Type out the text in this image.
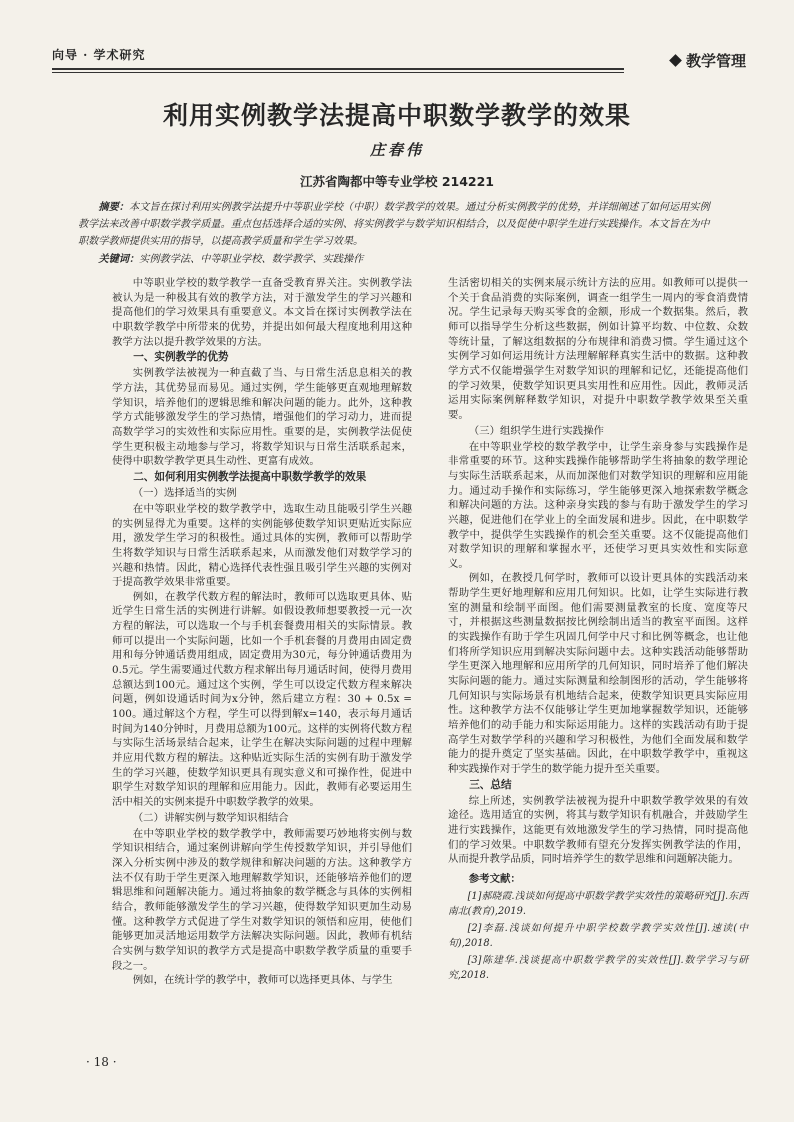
向导 · 学术研究	教学管理
利用实例教学法提高中职数学教学的效果
庄春伟
江苏省陶都中等专业学校 214221
摘要：本文旨在探讨利用实例教学法提升中等职业学校（中职）数学教学的效果。通过分析实例教学的优势，并详细阐述了如何运用实例教学法来改善中职数学教学质量。重点包括选择合适的实例、将实例教学与数学知识相结合，以及促使中职学生进行实践操作。本文旨在为中职数学教师提供实用的指导，以提高教学质量和学生学习效果。
关键词：实例教学法、中等职业学校、数学教学、实践操作

中等职业学校的数学教学一直备受教育界关注。实例教学法被认为是一种极其有效的教学方法，对于激发学生的学习兴趣和提高他们的学习效果具有重要意义。本文旨在探讨实例教学法在中职数学教学中所带来的优势，并提出如何最大程度地利用这种教学方法以提升教学效果的方法。

一、实例教学的优势

实例教学法被视为一种直截了当、与日常生活息息相关的教学方法，其优势显而易见。通过实例，学生能够更直观地理解数学知识，培养他们的逻辑思维和解决问题的能力。此外，这种教学方式能够激发学生的学习热情，增强他们的学习动力，进而提高数学学习的实效性和实际应用性。重要的是，实例教学法促使学生更积极主动地参与学习，将数学知识与日常生活联系起来，使得中职数学教学更具生动性、更富有成效。

二、如何利用实例教学法提高中职数学教学的效果
（一）选择适当的实例

在中等职业学校的数学教学中，选取生动且能吸引学生兴趣的实例显得尤为重要。这样的实例能够使数学知识更贴近实际应用，激发学生学习的积极性。通过具体的实例，教师可以帮助学生将数学知识与日常生活联系起来，从而激发他们对数学学习的兴趣和热情。因此，精心选择代表性强且吸引学生兴趣的实例对于提高教学效果非常重要。

例如，在教学代数方程的解法时，教师可以选取更具体、贴近学生日常生活的实例进行讲解。如假设教师想要教授一元一次方程的解法，可以选取一个与手机套餐费用相关的实际情景。教师可以提出一个实际问题，比如一个手机套餐的月费用由固定费用和每分钟通话费用组成，固定费用为30元，每分钟通话费用为0.5元。学生需要通过代数方程求解出每月通话时间，使得月费用总额达到100元。通过这个实例，学生可以设定代数方程来解决问题，例如设通话时间为x分钟，然后建立方程：30 + 0.5x = 100。通过解这个方程，学生可以得到解x=140，表示每月通话时间为140分钟时，月费用总额为100元。这样的实例将代数方程与实际生活场景结合起来，让学生在解决实际问题的过程中理解并应用代数方程的解法。这种贴近实际生活的实例有助于激发学生的学习兴趣，使数学知识更具有现实意义和可操作性，促进中职学生对数学知识的理解和应用能力。因此，教师有必要运用生活中相关的实例来提升中职数学教学的效果。

（二）讲解实例与数学知识相结合

在中等职业学校的数学教学中，教师需要巧妙地将实例与数学知识相结合，通过案例讲解向学生传授数学知识，并引导他们深入分析实例中涉及的数学规律和解决问题的方法。这种教学方法不仅有助于学生更深入地理解数学知识，还能够培养他们的逻辑思维和问题解决能力。通过将抽象的数学概念与具体的实例相结合，教师能够激发学生的学习兴趣，使得数学知识更加生动易懂。这种教学方式促进了学生对数学知识的领悟和应用，使他们能够更加灵活地运用数学方法解决实际问题。因此，教师有机结合实例与数学知识的教学方式是提高中职数学教学质量的重要手段之一。

例如，在统计学的教学中，教师可以选择更具体、与学生

生活密切相关的实例来展示统计方法的应用。如教师可以提供一个关于食品消费的实际案例，调查一组学生一周内的零食消费情况。学生记录每天购买零食的金额，形成一个数据集。然后，教师可以指导学生分析这些数据，例如计算平均数、中位数、众数等统计量，了解这组数据的分布规律和消费习惯。学生通过这个实例学习如何运用统计方法理解解释真实生活中的数据。这种教学方式不仅能增强学生对数学知识的理解和记忆，还能提高他们的学习效果，使数学知识更具实用性和应用性。因此，教师灵活运用实际案例解释数学知识，对提升中职数学教学效果至关重要。

（三）组织学生进行实践操作

在中等职业学校的数学教学中，让学生亲身参与实践操作是非常重要的环节。这种实践操作能够帮助学生将抽象的数学理论与实际生活联系起来，从而加深他们对数学知识的理解和应用能力。通过动手操作和实际练习，学生能够更深入地探索数学概念和解决问题的方法。这种亲身实践的参与有助于激发学生的学习兴趣，促进他们在学业上的全面发展和进步。因此，在中职数学教学中，提供学生实践操作的机会至关重要。这不仅能提高他们对数学知识的理解和掌握水平，还使学习更具实效性和实际意义。

例如，在教授几何学时，教师可以设计更具体的实践活动来帮助学生更好地理解和应用几何知识。比如，让学生实际进行教室的测量和绘制平面图。他们需要测量教室的长度、宽度等尺寸，并根据这些测量数据按比例绘制出适当的教室平面图。这样的实践操作有助于学生巩固几何学中尺寸和比例等概念，也让他们将所学知识应用到解决实际问题中去。这种实践活动能够帮助学生更深入地理解和应用所学的几何知识，同时培养了他们解决实际问题的能力。通过实际测量和绘制图形的活动，学生能够将几何知识与实际场景有机地结合起来，使数学知识更具实际应用性。这种教学方法不仅能够让学生更加地掌握数学知识，还能够培养他们的动手能力和实际运用能力。这样的实践活动有助于提高学生对数学学科的兴趣和学习积极性，为他们全面发展和数学能力的提升奠定了坚实基础。因此，在中职数学教学中，重视这种实践操作对于学生的数学能力提升至关重要。

三、总结

综上所述，实例教学法被视为提升中职数学教学效果的有效途径。选用适宜的实例，将其与数学知识有机融合，并鼓励学生进行实践操作，这能更有效地激发学生的学习热情，同时提高他们的学习效果。中职数学教师有望充分发挥实例教学法的作用，从而提升教学品质，同时培养学生的数学思维和问题解决能力。

参考文献：

[1]郝晓霞.浅谈如何提高中职数学教学实效性的策略研究[J].东西南北(教育),2019.

[2]李磊.浅谈如何提升中职学校数学教学实效性[J].速读(中旬),2018.

[3]陈建华.浅谈提高中职数学教学的实效性[J].数学学习与研究,2018.

· 18 ·
